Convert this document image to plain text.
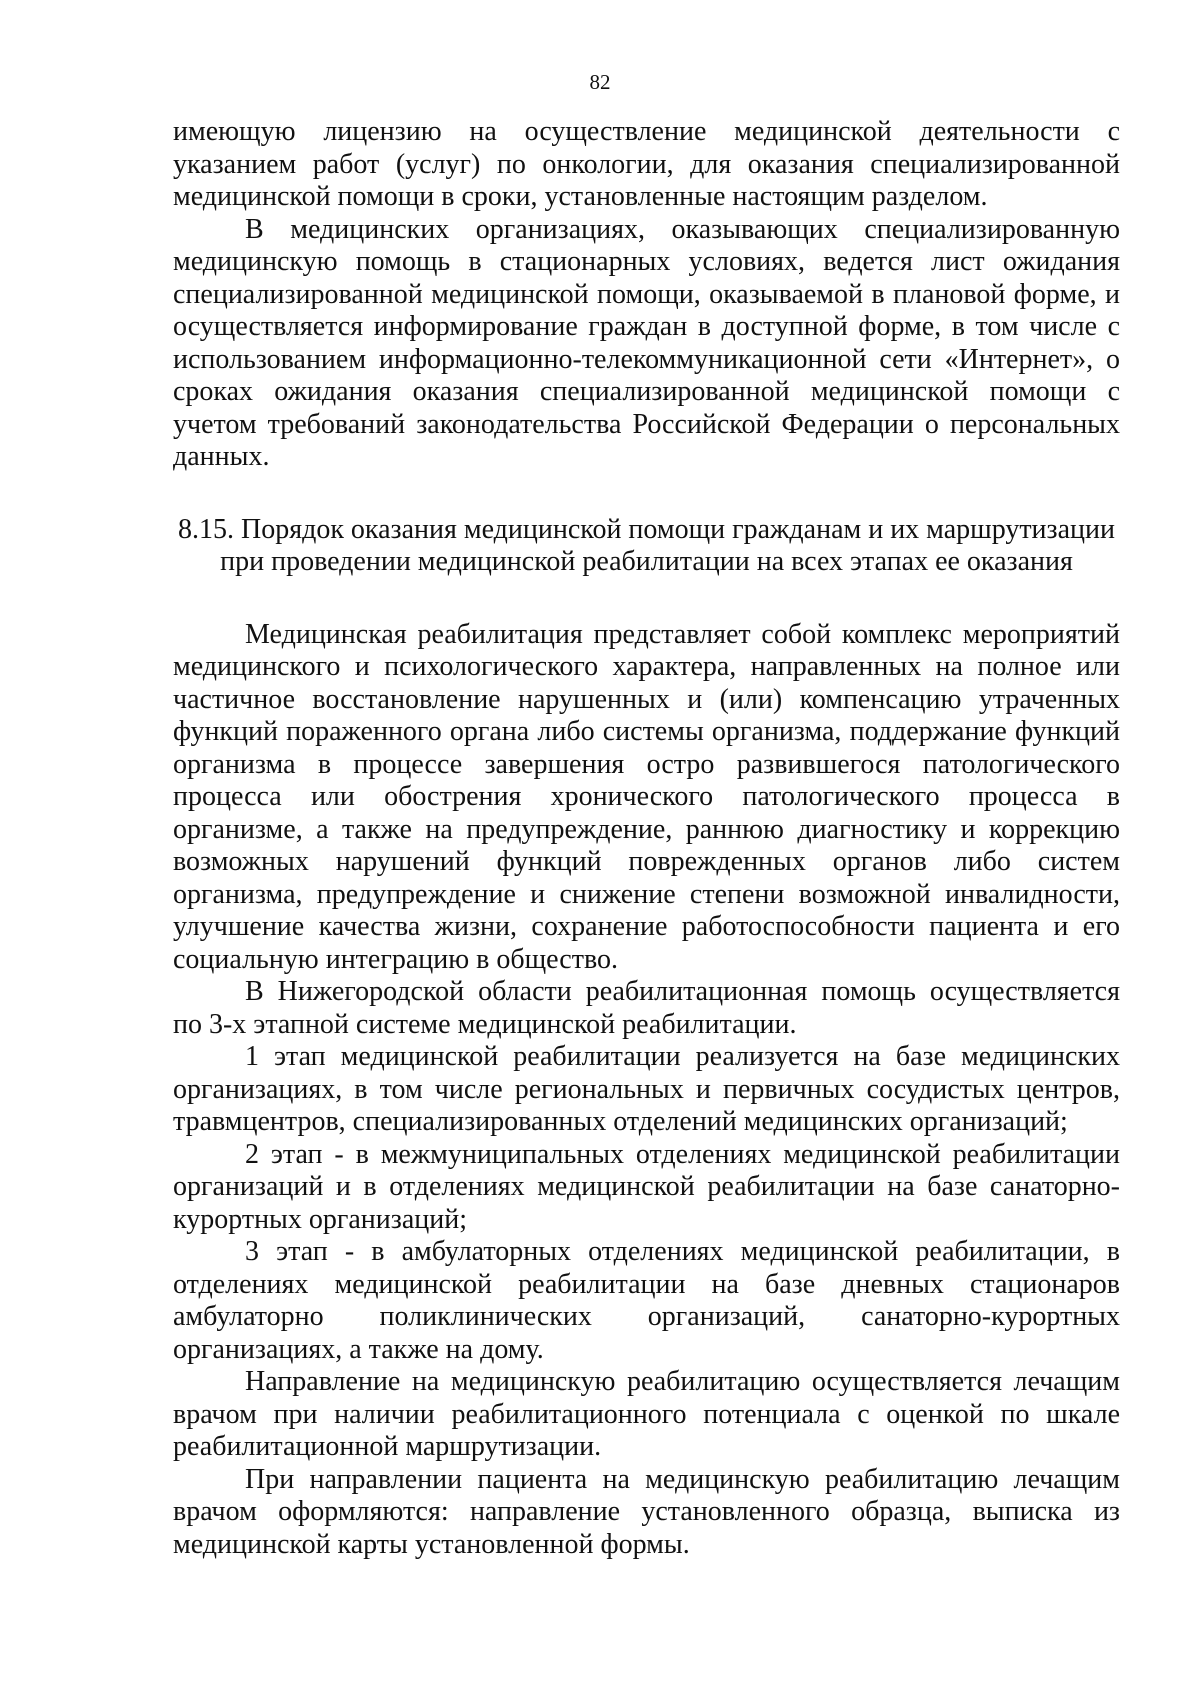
82

имеющую лицензию на осуществление медицинской деятельности с указанием работ (услуг) по онкологии, для оказания специализированной медицинской помощи в сроки, установленные настоящим разделом.

В медицинских организациях, оказывающих специализированную медицинскую помощь в стационарных условиях, ведется лист ожидания специализированной медицинской помощи, оказываемой в плановой форме, и осуществляется информирование граждан в доступной форме, в том числе с использованием информационно-телекоммуникационной сети «Интернет», о сроках ожидания оказания специализированной медицинской помощи с учетом требований законодательства Российской Федерации о персональных данных.

8.15. Порядок оказания медицинской помощи гражданам и их маршрутизации при проведении медицинской реабилитации на всех этапах ее оказания

Медицинская реабилитация представляет собой комплекс мероприятий медицинского и психологического характера, направленных на полное или частичное восстановление нарушенных и (или) компенсацию утраченных функций пораженного органа либо системы организма, поддержание функций организма в процессе завершения остро развившегося патологического процесса или обострения хронического патологического процесса в организме, а также на предупреждение, раннюю диагностику и коррекцию возможных нарушений функций поврежденных органов либо систем организма, предупреждение и снижение степени возможной инвалидности, улучшение качества жизни, сохранение работоспособности пациента и его социальную интеграцию в общество.

В Нижегородской области реабилитационная помощь осуществляется по 3-х этапной системе медицинской реабилитации.

1 этап медицинской реабилитации реализуется на базе медицинских организациях, в том числе региональных и первичных сосудистых центров, травмцентров, специализированных отделений медицинских организаций;

2 этап - в межмуниципальных отделениях медицинской реабилитации организаций и в отделениях медицинской реабилитации на базе санаторно-курортных организаций;

3 этап - в амбулаторных отделениях медицинской реабилитации, в отделениях медицинской реабилитации на базе дневных стационаров амбулаторно поликлинических организаций, санаторно-курортных организациях, а также на дому.

Направление на медицинскую реабилитацию осуществляется лечащим врачом при наличии реабилитационного потенциала с оценкой по шкале реабилитационной маршрутизации.

При направлении пациента на медицинскую реабилитацию лечащим врачом оформляются: направление установленного образца, выписка из медицинской карты установленной формы.
